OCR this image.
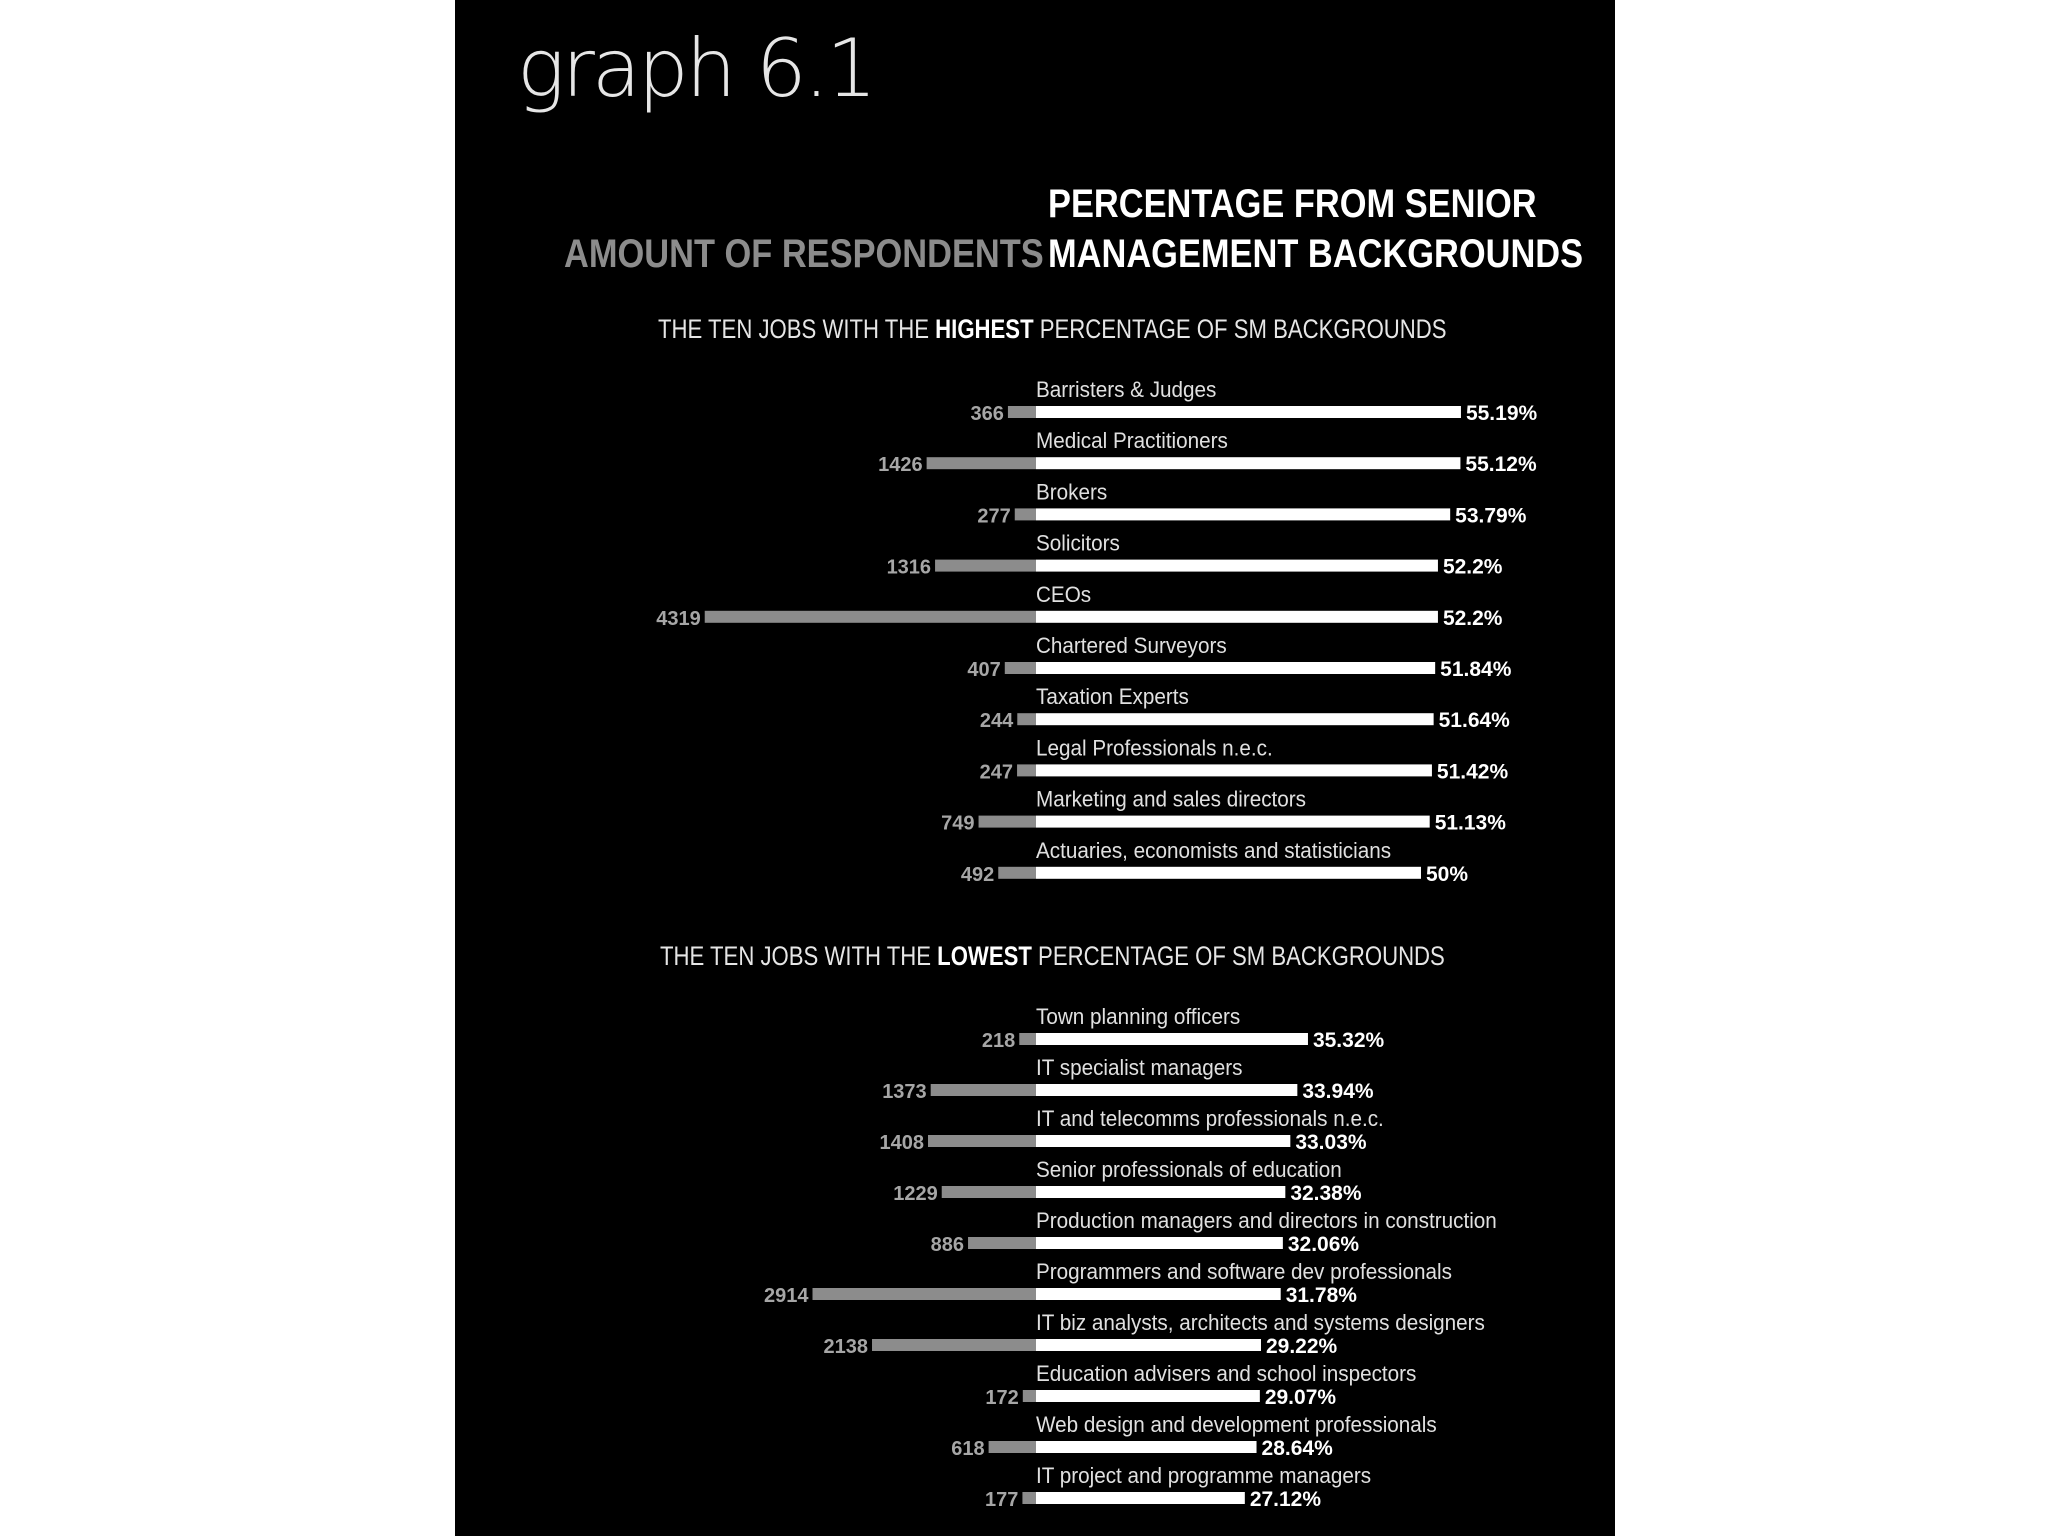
graph 6.1
PERCENTAGE FROM SENIOR
MANAGEMENT BACKGROUNDS
AMOUNT OF RESPONDENTS
THE TEN JOBS WITH THE HIGHEST PERCENTAGE OF SM BACKGROUNDS
THE TEN JOBS WITH THE LOWEST PERCENTAGE OF SM BACKGROUNDS
Barristers & Judges
55.19%
366
Medical Practitioners
55.12%
1426
Brokers
53.79%
277
Solicitors
52.2%
1316
CEOs
52.2%
4319
Chartered Surveyors
51.84%
407
Taxation Experts
51.64%
244
Legal Professionals n.e.c.
51.42%
247
Marketing and sales directors
51.13%
749
Actuaries, economists and statisticians
50%
492
Town planning officers
35.32%
218
IT specialist managers
33.94%
1373
IT and telecomms professionals n.e.c.
33.03%
1408
Senior professionals of education
32.38%
1229
Production managers and directors in construction
32.06%
886
Programmers and software dev professionals
31.78%
2914
IT biz analysts, architects and systems designers
29.22%
2138
Education advisers and school inspectors
29.07%
172
Web design and development professionals
28.64%
618
IT project and programme managers
27.12%
177
